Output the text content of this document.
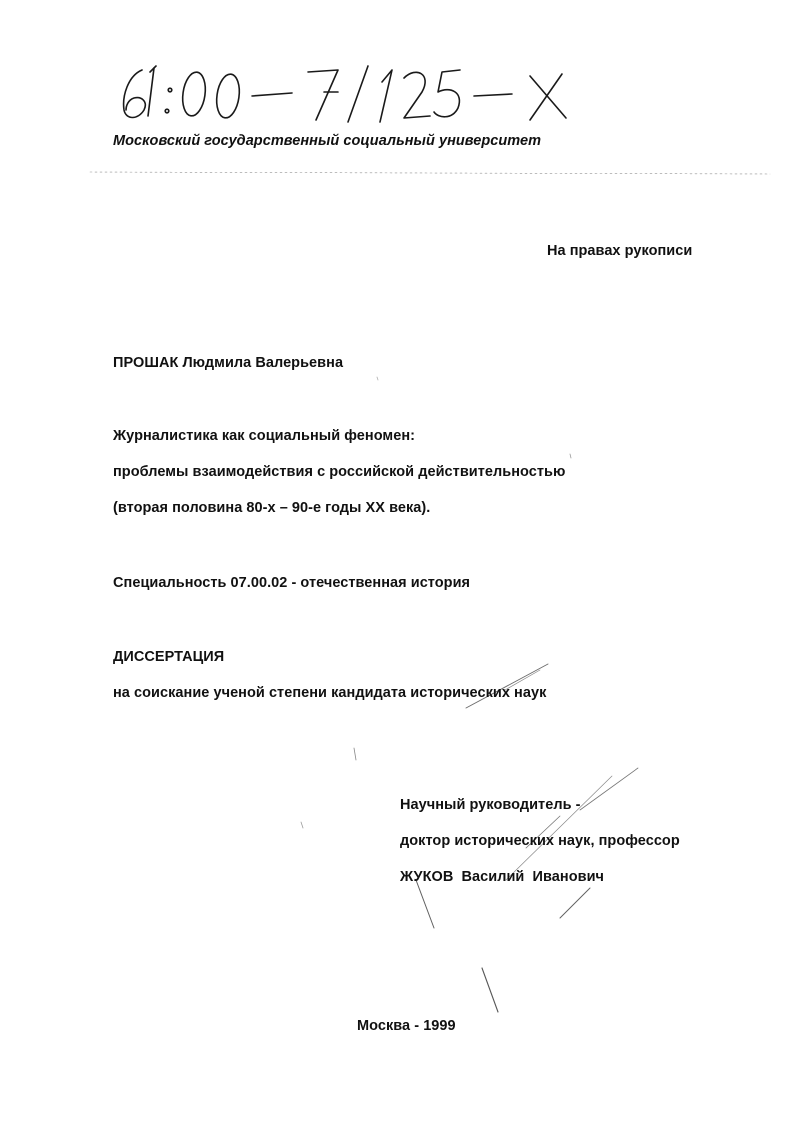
Московский государственный социальный университет
На правах рукописи
ПРОШАК Людмила Валерьевна
Журналистика как социальный феномен:
проблемы взаимодействия с российской действительностью
(вторая половина 80-х – 90-е годы XX века).
Специальность 07.00.02 - отечественная история
ДИССЕРТАЦИЯ
на соискание ученой степени кандидата исторических наук
Научный руководитель -
доктор исторических наук, профессор
ЖУКОВ  Василий  Иванович
Москва - 1999
